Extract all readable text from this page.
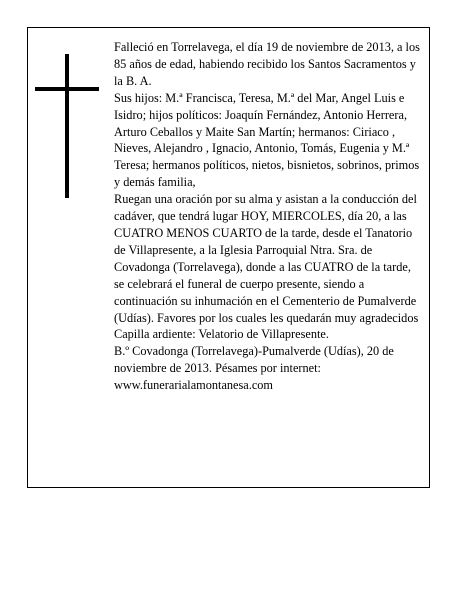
Falleció en Torrelavega, el día 19 de noviembre de 2013, a los 85 años de edad, habiendo recibido los Santos Sacramentos y la B. A.

Sus hijos: M.ª Francisca, Teresa, M.ª del Mar, Angel Luis e Isidro; hijos políticos: Joaquín Fernández, Antonio Herrera, Arturo Ceballos y Maite San Martín; hermanos: Ciriaco , Nieves, Alejandro , Ignacio, Antonio, Tomás, Eugenia y M.ª Teresa; hermanos políticos, nietos, bisnietos, sobrinos, primos y demás familia,

Ruegan una oración por su alma y asistan a la conducción del cadáver, que tendrá lugar HOY, MIERCOLES, día 20, a las CUATRO MENOS CUARTO de la tarde, desde el Tanatorio de Villapresente, a la Iglesia Parroquial Ntra. Sra. de Covadonga (Torrelavega), donde a las CUATRO de la tarde, se celebrará el funeral de cuerpo presente, siendo a continuación su inhumación en el Cementerio de Pumalverde (Udías). Favores por los cuales les quedarán muy agradecidos Capilla ardiente: Velatorio de Villapresente.

B.º Covadonga (Torrelavega)-Pumalverde (Udías), 20 de noviembre de 2013. Pésames por internet: www.funerarialamontanesa.com
